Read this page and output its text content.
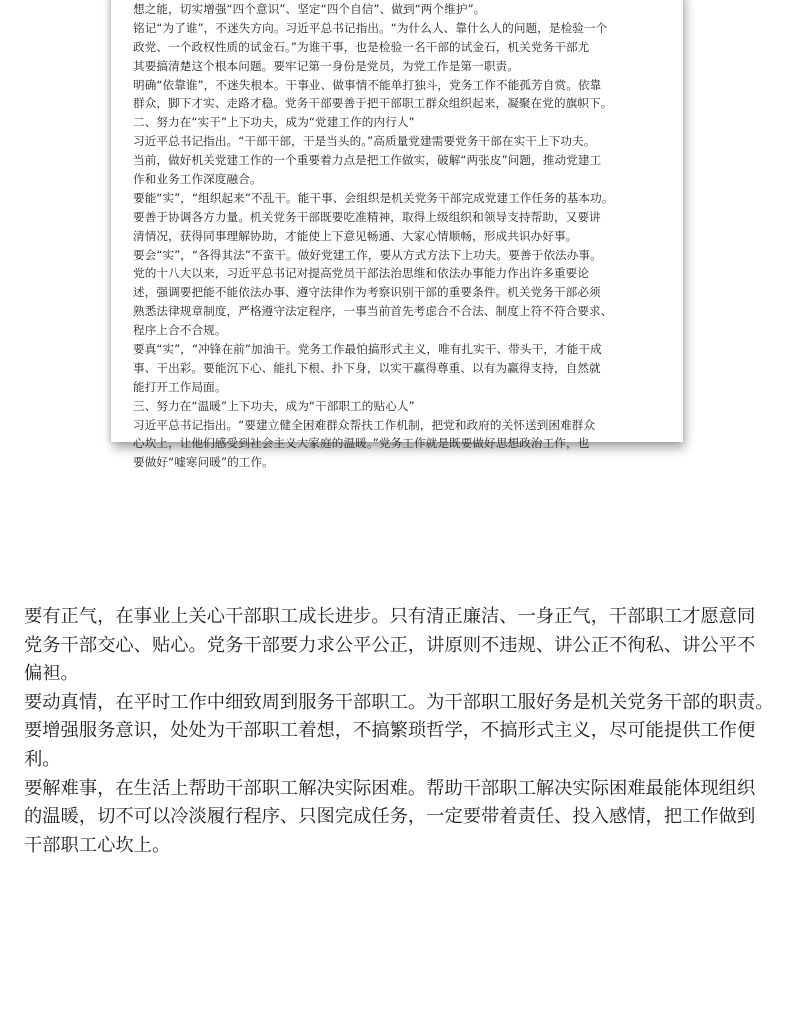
想之能，切实增强“四个意识”、坚定“四个自信”、做到“两个维护”。
铭记“为了谁”，不迷失方向。习近平总书记指出。“为什么人、靠什么人的问题，是检验一个
政党、一个政权性质的试金石。”为谁干事，也是检验一名干部的试金石，机关党务干部尤
其要搞清楚这个根本问题。要牢记第一身份是党员，为党工作是第一职责。
明确“依靠谁”，不迷失根本。干事业、做事情不能单打独斗，党务工作不能孤芳自赏。依靠
群众，脚下才实、走路才稳。党务干部要善于把干部职工群众组织起来，凝聚在党的旗帜下。
二、努力在“实干”上下功夫，成为“党建工作的内行人”
习近平总书记指出。“干部干部，干是当头的。”高质量党建需要党务干部在实干上下功夫。
当前，做好机关党建工作的一个重要着力点是把工作做实，破解“两张皮”问题，推动党建工
作和业务工作深度融合。
要能“实”，“组织起来”不乱干。能干事、会组织是机关党务干部完成党建工作任务的基本功。
要善于协调各方力量。机关党务干部既要吃准精神，取得上级组织和领导支持帮助，又要讲
清情况，获得同事理解协助，才能使上下意见畅通、大家心情顺畅，形成共识办好事。
要会“实”，“各得其法”不蛮干。做好党建工作，要从方式方法下上功夫。要善于依法办事。
党的十八大以来，习近平总书记对提高党员干部法治思维和依法办事能力作出许多重要论
述，强调要把能不能依法办事、遵守法律作为考察识别干部的重要条件。机关党务干部必须
熟悉法律规章制度，严格遵守法定程序，一事当前首先考虑合不合法、制度上符不符合要求、
程序上合不合规。
要真“实”，“冲锋在前”加油干。党务工作最怕搞形式主义，唯有扎实干、带头干，才能干成
事、干出彩。要能沉下心、能扎下根、扑下身，以实干赢得尊重、以有为赢得支持，自然就
能打开工作局面。
三、努力在“温暖”上下功夫，成为“干部职工的贴心人”
习近平总书记指出。“要建立健全困难群众帮扶工作机制，把党和政府的关怀送到困难群众
心坎上，让他们感受到社会主义大家庭的温暖。”党务工作就是既要做好思想政治工作，也
要做好“嘘寒问暖”的工作。
要有正气，在事业上关心干部职工成长进步。只有清正廉洁、一身正气，干部职工才愿意同
党务干部交心、贴心。党务干部要力求公平公正，讲原则不违规、讲公正不徇私、讲公平不
偏袒。
要动真情，在平时工作中细致周到服务干部职工。为干部职工服好务是机关党务干部的职责。
要增强服务意识，处处为干部职工着想，不搞繁琐哲学，不搞形式主义，尽可能提供工作便
利。
要解难事，在生活上帮助干部职工解决实际困难。帮助干部职工解决实际困难最能体现组织
的温暖，切不可以冷淡履行程序、只图完成任务，一定要带着责任、投入感情，把工作做到
干部职工心坎上。
